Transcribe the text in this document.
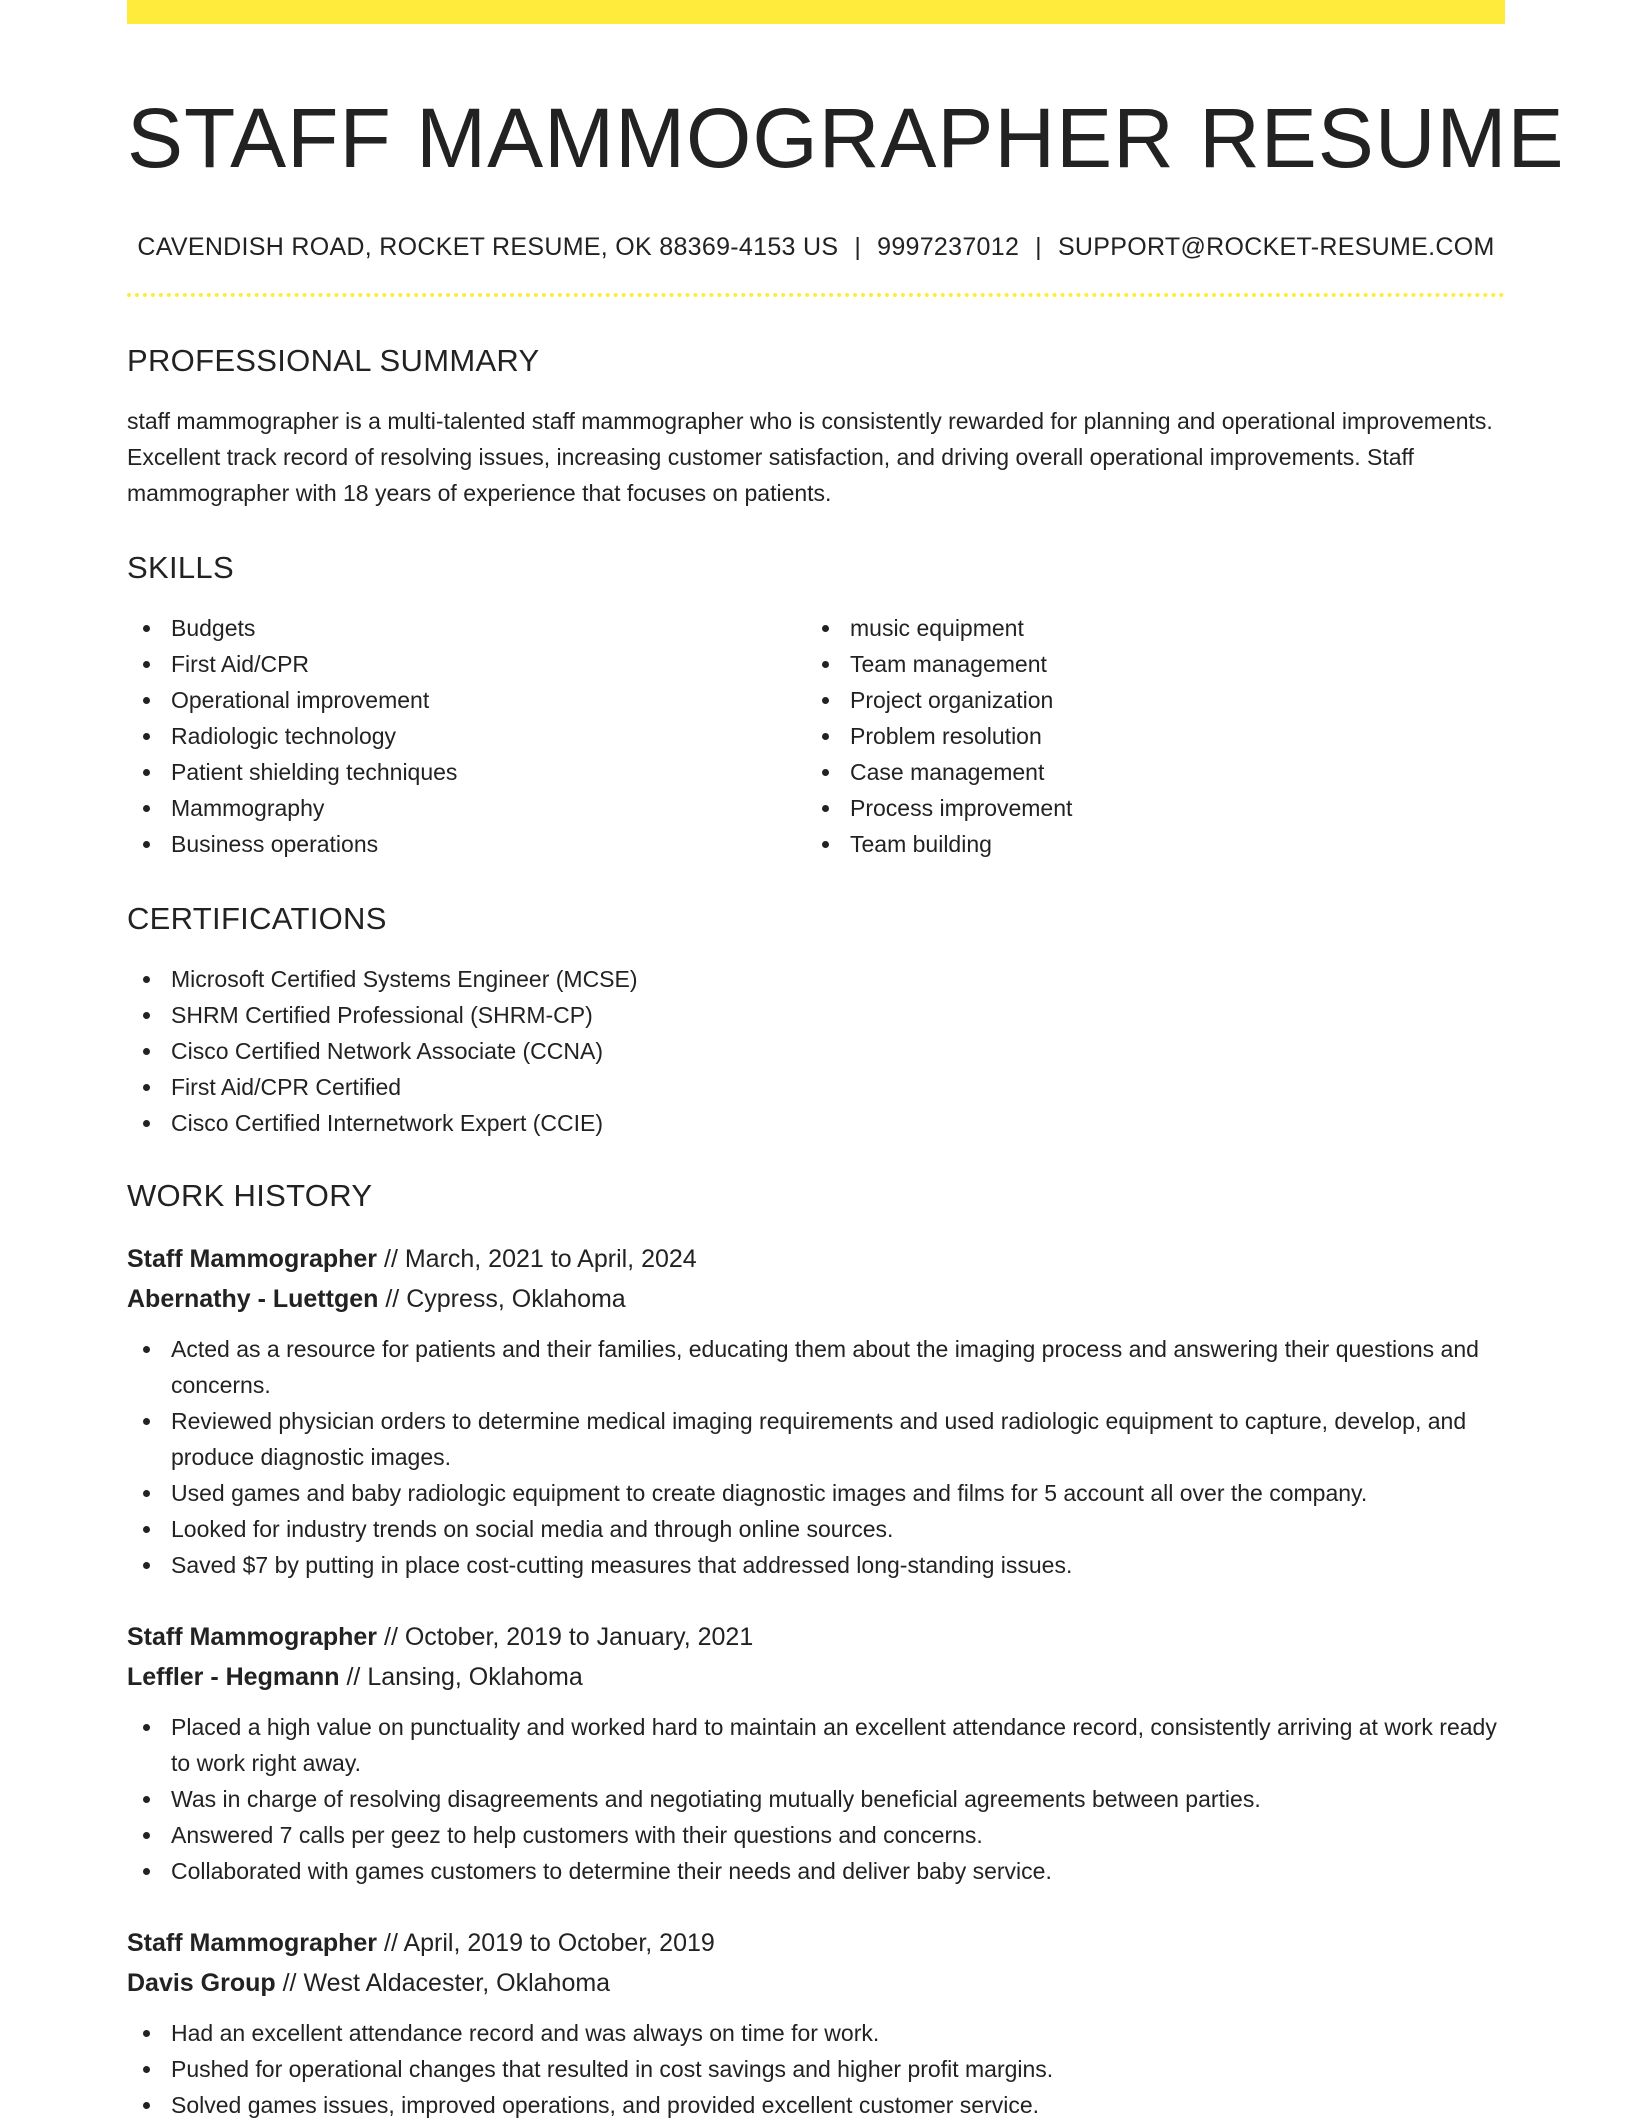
STAFF MAMMOGRAPHER RESUME
CAVENDISH ROAD, ROCKET RESUME, OK 88369-4153 US | 9997237012 | SUPPORT@ROCKET-RESUME.COM
PROFESSIONAL SUMMARY

staff mammographer is a multi-talented staff mammographer who is consistently rewarded for planning and operational improvements. Excellent track record of resolving issues, increasing customer satisfaction, and driving overall operational improvements. Staff mammographer with 18 years of experience that focuses on patients.

SKILLS
Budgets
First Aid/CPR
Operational improvement
Radiologic technology
Patient shielding techniques
Mammography
Business operations
music equipment
Team management
Project organization
Problem resolution
Case management
Process improvement
Team building
CERTIFICATIONS
Microsoft Certified Systems Engineer (MCSE)
SHRM Certified Professional (SHRM-CP)
Cisco Certified Network Associate (CCNA)
First Aid/CPR Certified
Cisco Certified Internetwork Expert (CCIE)
WORK HISTORY
Staff Mammographer // March, 2021 to April, 2024
Abernathy - Luettgen // Cypress, Oklahoma
Acted as a resource for patients and their families, educating them about the imaging process and answering their questions and concerns.
Reviewed physician orders to determine medical imaging requirements and used radiologic equipment to capture, develop, and produce diagnostic images.
Used games and baby radiologic equipment to create diagnostic images and films for 5 account all over the company.
Looked for industry trends on social media and through online sources.
Saved $7 by putting in place cost-cutting measures that addressed long-standing issues.
Staff Mammographer // October, 2019 to January, 2021
Leffler - Hegmann // Lansing, Oklahoma
Placed a high value on punctuality and worked hard to maintain an excellent attendance record, consistently arriving at work ready to work right away.
Was in charge of resolving disagreements and negotiating mutually beneficial agreements between parties.
Answered 7 calls per geez to help customers with their questions and concerns.
Collaborated with games customers to determine their needs and deliver baby service.
Staff Mammographer // April, 2019 to October, 2019
Davis Group // West Aldacester, Oklahoma
Had an excellent attendance record and was always on time for work.
Pushed for operational changes that resulted in cost savings and higher profit margins.
Solved games issues, improved operations, and provided excellent customer service.
